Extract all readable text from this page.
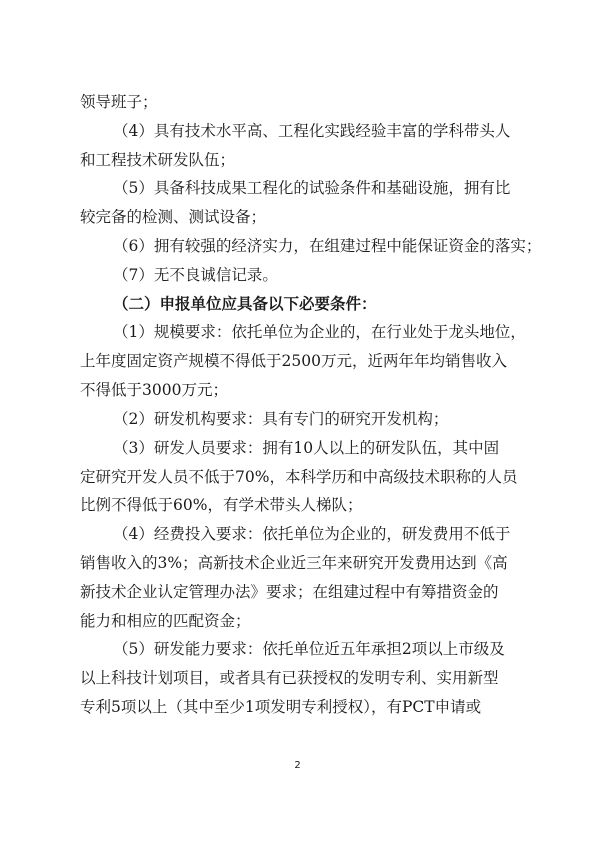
领导班子；
（4）具有技术水平高、工程化实践经验丰富的学科带头人
和工程技术研发队伍；
（5）具备科技成果工程化的试验条件和基础设施，拥有比
较完备的检测、测试设备；
（6）拥有较强的经济实力，在组建过程中能保证资金的落实；
（7）无不良诚信记录。
（二）申报单位应具备以下必要条件：
（1）规模要求：依托单位为企业的，在行业处于龙头地位，
上年度固定资产规模不得低于2500万元，近两年年均销售收入
不得低于3000万元；
（2）研发机构要求：具有专门的研究开发机构；
（3）研发人员要求：拥有10人以上的研发队伍，其中固
定研究开发人员不低于70%，本科学历和中高级技术职称的人员
比例不得低于60%，有学术带头人梯队；
（4）经费投入要求：依托单位为企业的，研发费用不低于
销售收入的3%；高新技术企业近三年来研究开发费用达到《高
新技术企业认定管理办法》要求；在组建过程中有筹措资金的
能力和相应的匹配资金；
（5）研发能力要求：依托单位近五年承担2项以上市级及
以上科技计划项目，或者具有已获授权的发明专利、实用新型
专利5项以上（其中至少1项发明专利授权），有PCT申请或
2
